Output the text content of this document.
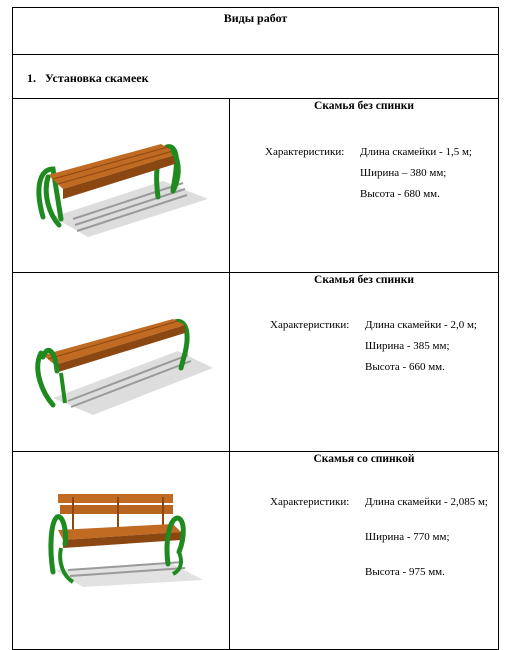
Виды работ	

1. Установка скамеек	

Скамья без спинки
Характеристики: Длина скамейки - 1,5 м;
Ширина – 380 мм;
Высота - 680 мм.

Скамья без спинки
Характеристики: Длина скамейки - 2,0 м;
Ширина - 385 мм;
Высота - 660 мм.

Скамья со спинкой
Характеристики: Длина скамейки - 2,085 м;
Ширина - 770 мм;
Высота - 975 мм.
